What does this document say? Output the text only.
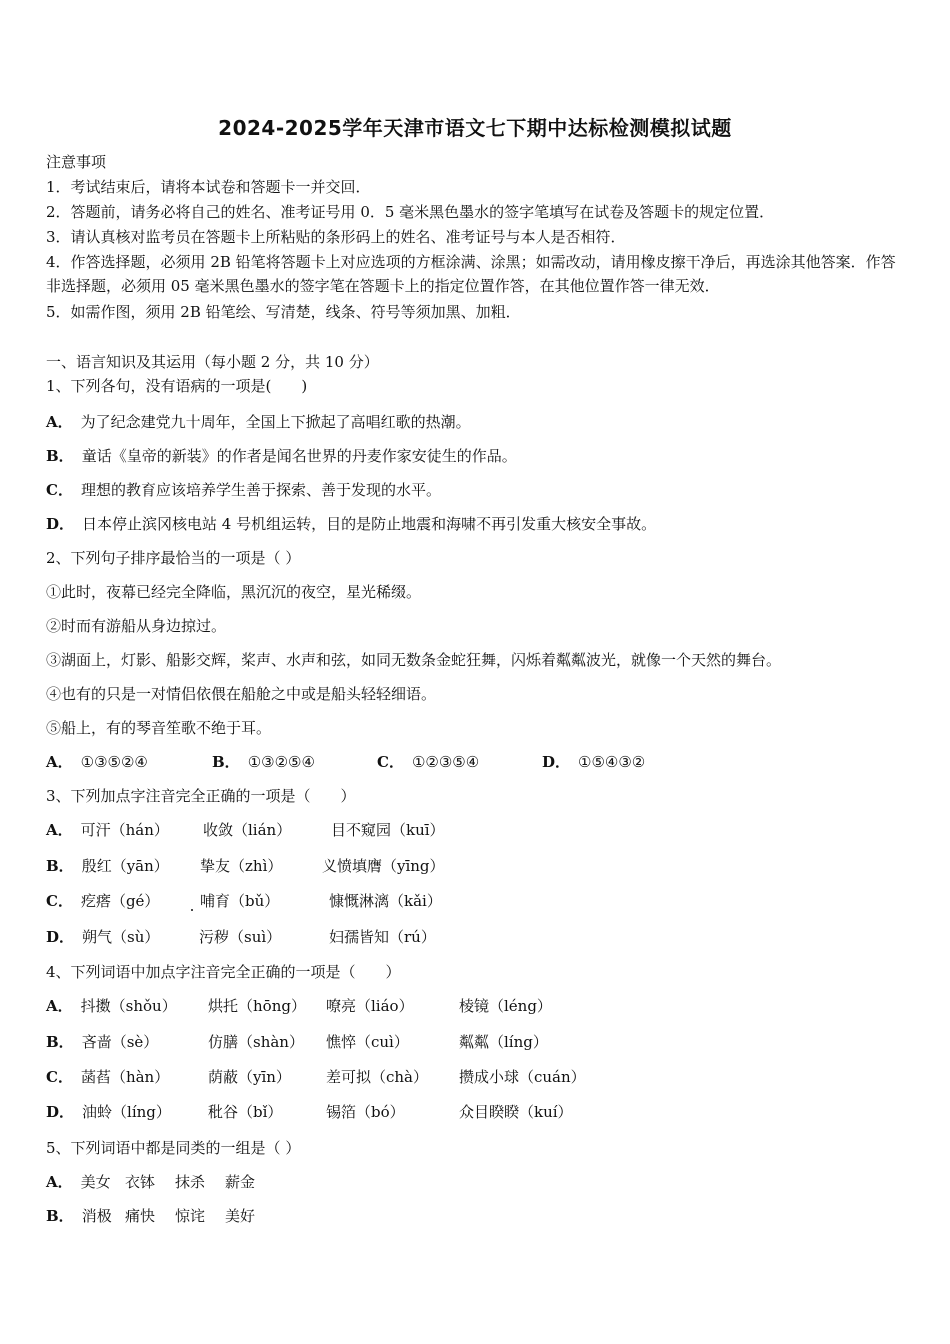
2024-2025学年天津市语文七下期中达标检测模拟试题
注意事项
1．考试结束后，请将本试卷和答题卡一并交回．
2．答题前，请务必将自己的姓名、准考证号用 0．5 毫米黑色墨水的签字笔填写在试卷及答题卡的规定位置．
3．请认真核对监考员在答题卡上所粘贴的条形码上的姓名、准考证号与本人是否相符．
4．作答选择题，必须用 2B 铅笔将答题卡上对应选项的方框涂满、涂黑；如需改动，请用橡皮擦干净后，再选涂其他答案．作答非选择题，必须用 05 毫米黑色墨水的签字笔在答题卡上的指定位置作答，在其他位置作答一律无效．
5．如需作图，须用 2B 铅笔绘、写清楚，线条、符号等须加黑、加粗．
一、语言知识及其运用（每小题 2 分，共 10 分）
1、下列各句，没有语病的一项是(　　)
A． 为了纪念建党九十周年，全国上下掀起了高唱红歌的热潮。
B． 童话《皇帝的新装》的作者是闻名世界的丹麦作家安徒生的作品。
C． 理想的教育应该培养学生善于探索、善于发现的水平。
D． 日本停止滨冈核电站 4 号机组运转，目的是防止地震和海啸不再引发重大核安全事故。
2、下列句子排序最恰当的一项是（ ）
①此时，夜幕已经完全降临，黑沉沉的夜空，星光稀缀。
②时而有游船从身边掠过。
③湖面上，灯影、船影交辉，桨声、水声和弦，如同无数条金蛇狂舞，闪烁着粼粼波光，就像一个天然的舞台。
④也有的只是一对情侣依偎在船舱之中或是船头轻轻细语。
⑤船上，有的琴音笙歌不绝于耳。
A． ①③⑤②④	B． ①③②⑤④	C． ①②③⑤④	D． ①⑤④③②
3、下列加点字注音完全正确的一项是（　　）
A． 可汗（hán） 收敛（lián）	目不窥园（kuī）
B． 殷红（yān） 挚友（zhì）	义愤填膺（yīng）
C． 疙瘩（gé）	哺育（bǔ）	慷慨淋漓（kǎi）
D． 朔气（sù）	污秽（suì）	妇孺皆知（rú）
4、下列词语中加点字注音完全正确的一项是（　　）
A． 抖擞（shǒu） 烘托（hōng） 嘹亮（liáo）	棱镜（léng）
B． 吝啬（sè）	仿膳（shàn） 憔悴（cuì）	粼粼（líng）
C． 菡萏（hàn）	荫蔽（yīn） 差可拟（chà） 攒成小球（cuán）
D． 油蛉（líng） 秕谷（bǐ）	锡箔（bó）	众目睽睽（kuí）
5、下列词语中都是同类的一组是（ ）
A． 美女 衣钵 抹杀 薪金
B． 消极 痛快 惊诧 美好
